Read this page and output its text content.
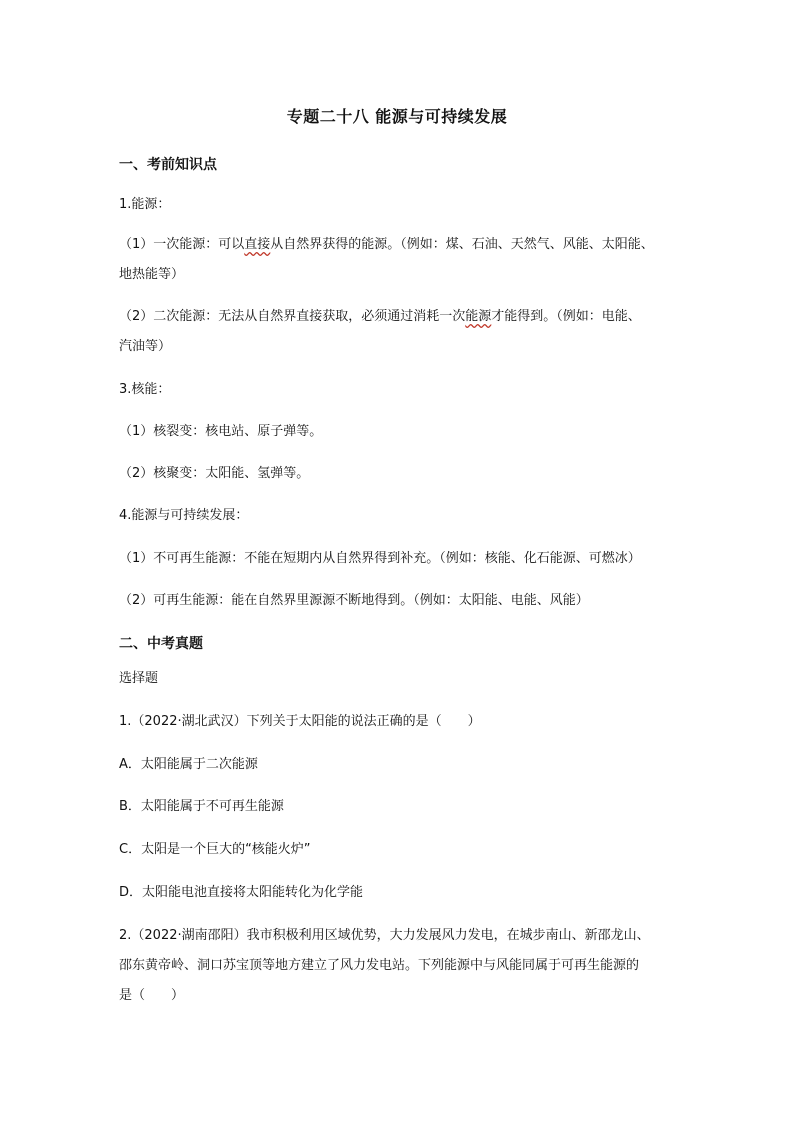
专题二十八 能源与可持续发展
一、考前知识点
1.能源：
（1）一次能源：可以直接从自然界获得的能源。（例如：煤、石油、天然气、风能、太阳能、
地热能等）
（2）二次能源：无法从自然界直接获取，必须通过消耗一次能源才能得到。（例如：电能、
汽油等）
3.核能：
（1）核裂变：核电站、原子弹等。
（2）核聚变：太阳能、氢弹等。
4.能源与可持续发展：
（1）不可再生能源：不能在短期内从自然界得到补充。（例如：核能、化石能源、可燃冰）
（2）可再生能源：能在自然界里源源不断地得到。（例如：太阳能、电能、风能）
二、中考真题
选择题
1.（2022·湖北武汉）下列关于太阳能的说法正确的是（　　）
A．太阳能属于二次能源
B．太阳能属于不可再生能源
C．太阳是一个巨大的“核能火炉”
D．太阳能电池直接将太阳能转化为化学能
2.（2022·湖南邵阳）我市积极利用区域优势，大力发展风力发电，在城步南山、新邵龙山、
邵东黄帝岭、洞口苏宝顶等地方建立了风力发电站。下列能源中与风能同属于可再生能源的
是（　　）
